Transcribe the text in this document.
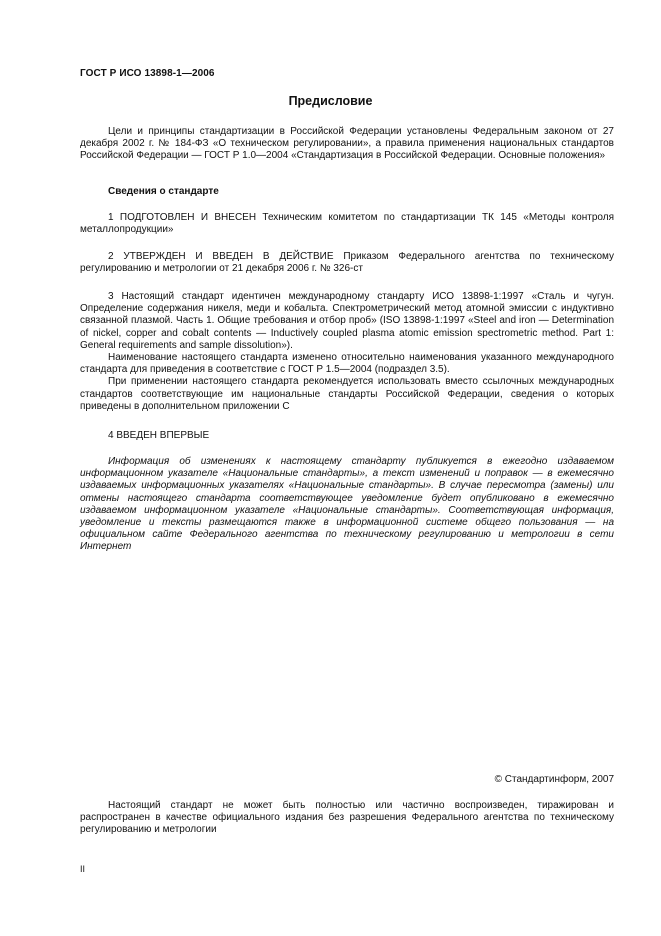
ГОСТ Р ИСО 13898-1—2006
Предисловие

Цели и принципы стандартизации в Российской Федерации установлены Федеральным законом от 27 декабря 2002 г. № 184-ФЗ «О техническом регулировании», а правила применения национальных стандартов Российской Федерации — ГОСТ Р 1.0—2004 «Стандартизация в Российской Федерации. Основные положения»

Сведения о стандарте

1 ПОДГОТОВЛЕН И ВНЕСЕН Техническим комитетом по стандартизации ТК 145 «Методы контроля металлопродукции»

2 УТВЕРЖДЕН И ВВЕДЕН В ДЕЙСТВИЕ Приказом Федерального агентства по техническому регулированию и метрологии от 21 декабря 2006 г. № 326-ст

3 Настоящий стандарт идентичен международному стандарту ИСО 13898-1:1997 «Сталь и чугун. Определение содержания никеля, меди и кобальта. Спектрометрический метод атомной эмиссии с индуктивно связанной плазмой. Часть 1. Общие требования и отбор проб» (ISO 13898-1:1997 «Steel and iron — Determination of nickel, copper and cobalt contents — Inductively coupled plasma atomic emission spectrometric method. Part 1: General requirements and sample dissolution»).

Наименование настоящего стандарта изменено относительно наименования указанного международного стандарта для приведения в соответствие с ГОСТ Р 1.5—2004 (подраздел 3.5).

При применении настоящего стандарта рекомендуется использовать вместо ссылочных международных стандартов соответствующие им национальные стандарты Российской Федерации, сведения о которых приведены в дополнительном приложении С

4 ВВЕДЕН ВПЕРВЫЕ

Информация об изменениях к настоящему стандарту публикуется в ежегодно издаваемом информационном указателе «Национальные стандарты», а текст изменений и поправок — в ежемесячно издаваемых информационных указателях «Национальные стандарты». В случае пересмотра (замены) или отмены настоящего стандарта соответствующее уведомление будет опубликовано в ежемесячно издаваемом информационном указателе «Национальные стандарты». Соответствующая информация, уведомление и тексты размещаются также в информационной системе общего пользования — на официальном сайте Федерального агентства по техническому регулированию и метрологии в сети Интернет

© Стандартинформ, 2007

Настоящий стандарт не может быть полностью или частично воспроизведен, тиражирован и распространен в качестве официального издания без разрешения Федерального агентства по техническому регулированию и метрологии

II
